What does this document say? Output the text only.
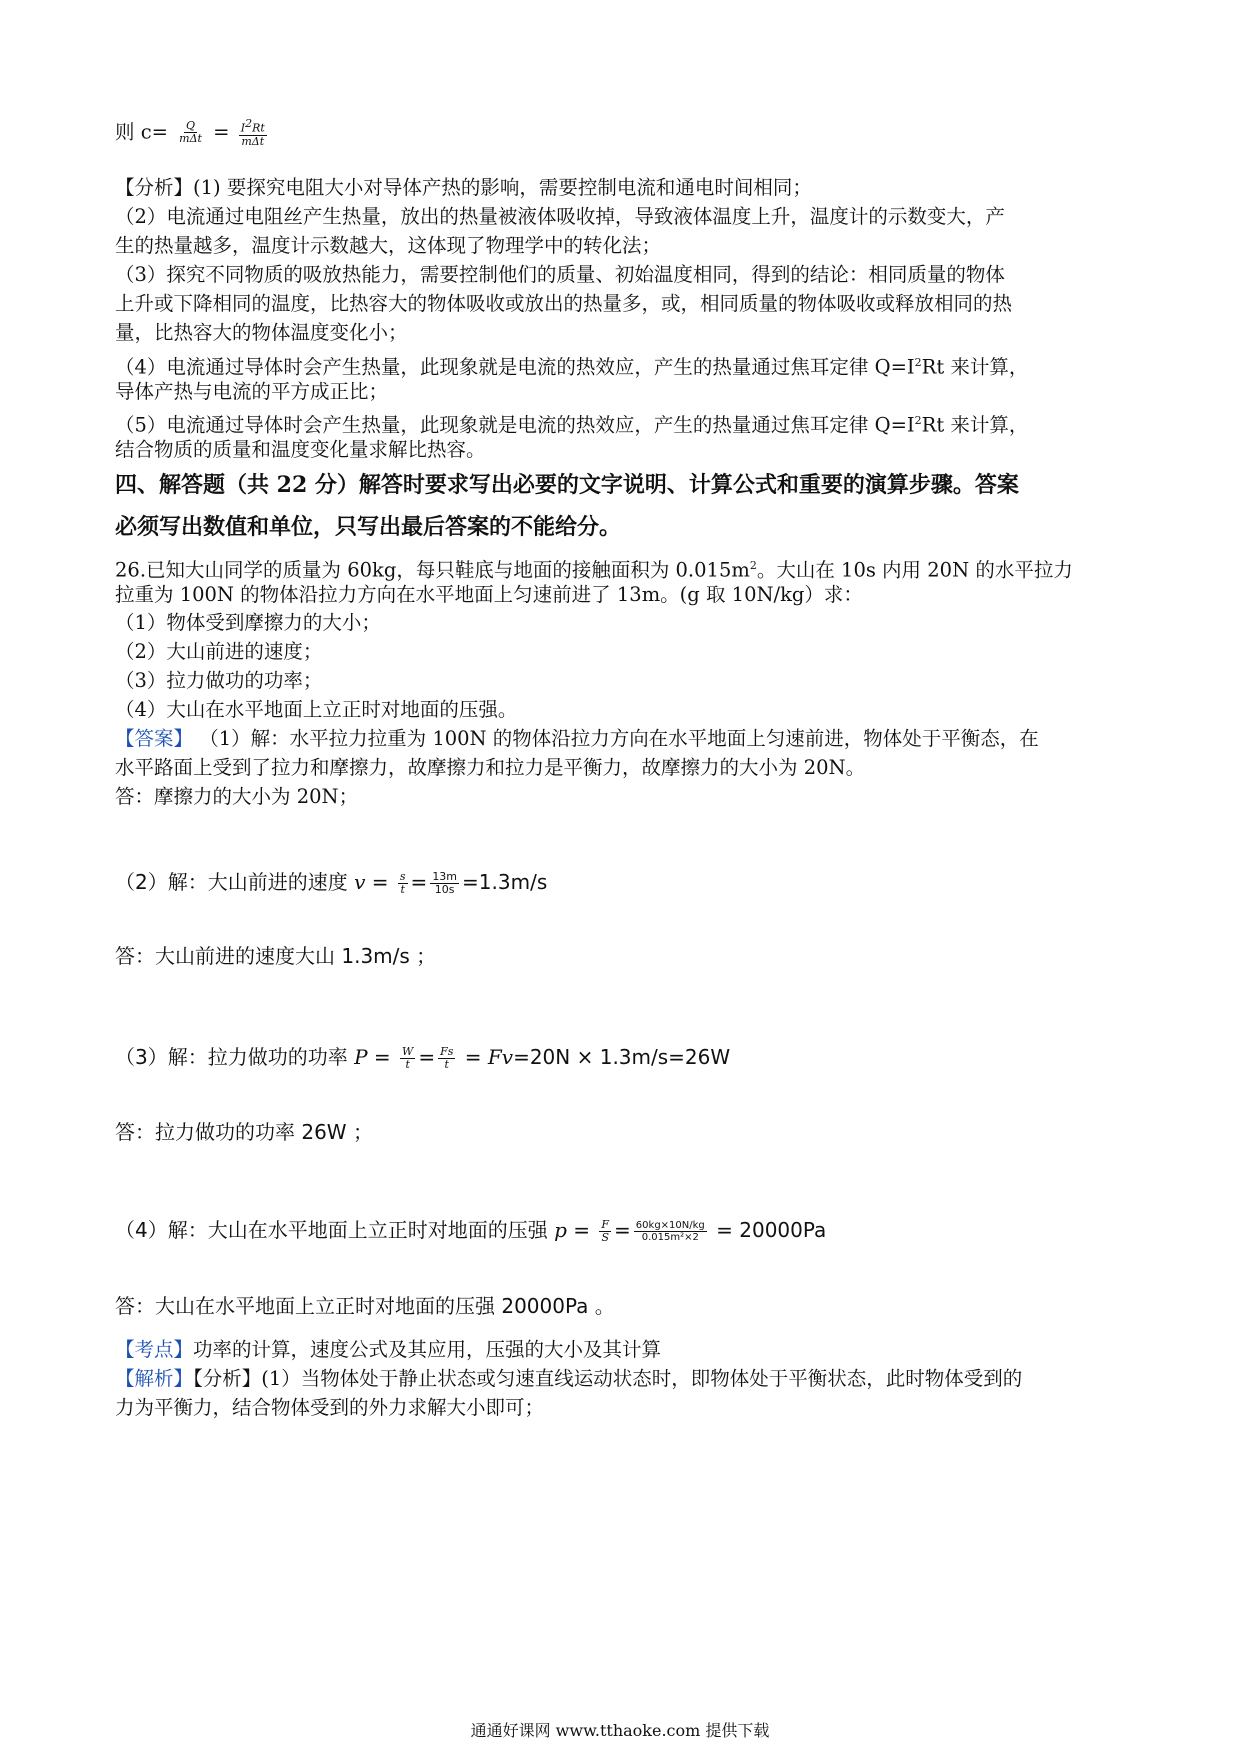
则 $c= \frac{Q}{\text{mΔt}} = \frac{I^2Rt}{\text{mΔt}}$
【分析】(1) 要探究电阻大小对导体产热的影响，需要控制电流和通电时间相同；
（2）电流通过电阻丝产生热量，放出的热量被液体吸收掉，导致液体温度上升，温度计的示数变大，产
生的热量越多，温度计示数越大，这体现了物理学中的转化法；
（3）探究不同物质的吸放热能力，需要控制他们的质量、初始温度相同，得到的结论：相同质量的物体
上升或下降相同的温度，比热容大的物体吸收或放出的热量多，或，相同质量的物体吸收或释放相同的热
量，比热容大的物体温度变化小；
（4）电流通过导体时会产生热量，此现象就是电流的热效应，产生的热量通过焦耳定律 $Q=I^2Rt$ 来计算，
导体产热与电流的平方成正比；
（5）电流通过导体时会产生热量，此现象就是电流的热效应，产生的热量通过焦耳定律 $Q=I^2Rt$ 来计算，
结合物质的质量和温度变化量求解比热容。
四、解答题（共 22 分）解答时要求写出必要的文字说明、计算公式和重要的演算步骤。答案
必须写出数值和单位，只写出最后答案的不能给分。
26.已知大山同学的质量为 60kg，每只鞋底与地面的接触面积为 $0.015m^2$。大山在 10s 内用 20N 的水平拉力
拉重为 100N 的物体沿拉力方向在水平地面上匀速前进了 13m。(g 取 10N/kg）求：
（1）物体受到摩擦力的大小；
（2）大山前进的速度；
（3）拉力做功的功率；
（4）大山在水平地面上立正时对地面的压强。
【答案】 （1）解：水平拉力拉重为 100N 的物体沿拉力方向在水平地面上匀速前进，物体处于平衡态，在
水平路面上受到了拉力和摩擦力，故摩擦力和拉力是平衡力，故摩擦力的大小为 20N。
答：摩擦力的大小为 20N；
（2）解：大山前进的速度 $v = \frac{s}{t} = \frac{13m}{10s} =1.3m/s$
答：大山前进的速度大山 1.3m/s ；
（3）解：拉力做功的功率 $P = \frac{W}{t} = \frac{Fs}{t} = Fv=20N \times 1.3m/s=26W$
答：拉力做功的功率 26W ；
（4）解：大山在水平地面上立正时对地面的压强 $p = \frac{F}{S} = \frac{60kg\times 10N/kg}{\text{0.015m²×2}} = 20000Pa$
答：大山在水平地面上立正时对地面的压强 20000Pa 。
【考点】功率的计算，速度公式及其应用，压强的大小及其计算
【解析】【分析】(1）当物体处于静止状态或匀速直线运动状态时，即物体处于平衡状态，此时物体受到的
力为平衡力，结合物体受到的外力求解大小即可；
通通好课网 www.tthaoke.com 提供下载
